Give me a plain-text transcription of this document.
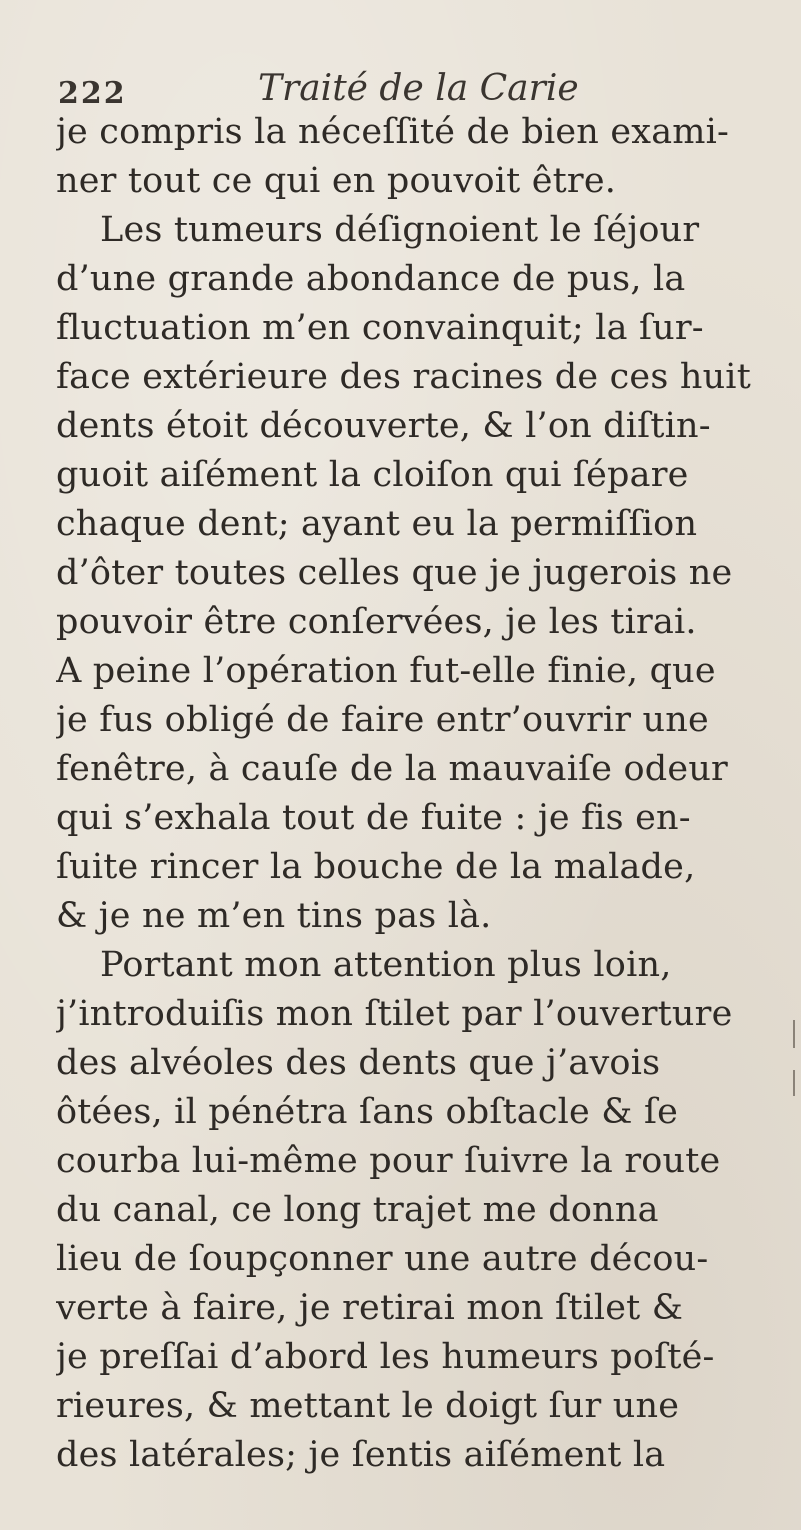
222	Traité de la Carie
je compris la néceſſité de bien exami-
ner tout ce qui en pouvoit être.
Les tumeurs déſignoient le ſéjour
d’une grande abondance de pus, la
fluctuation m’en convainquit; la ſur-
face extérieure des racines de ces huit
dents étoit découverte, & l’on diſtin-
guoit aiſément la cloiſon qui ſépare
chaque dent; ayant eu la permiſſion
d’ôter toutes celles que je jugerois ne
pouvoir être conſervées, je les tirai.
A peine l’opération fut-elle finie, que
je fus obligé de faire entr’ouvrir une
fenêtre, à cauſe de la mauvaiſe odeur
qui s’exhala tout de fuite : je fis en-
ſuite rincer la bouche de la malade,
& je ne m’en tins pas là.
Portant mon attention plus loin,
j’introduiſis mon ſtilet par l’ouverture
des alvéoles des dents que j’avois
ôtées, il pénétra ſans obſtacle & ſe
courba lui-même pour ſuivre la route
du canal, ce long trajet me donna
lieu de ſoupçonner une autre décou-
verte à faire, je retirai mon ſtilet &
je preſſai d’abord les humeurs poſté-
rieures, & mettant le doigt ſur une
des latérales; je ſentis aiſément la
